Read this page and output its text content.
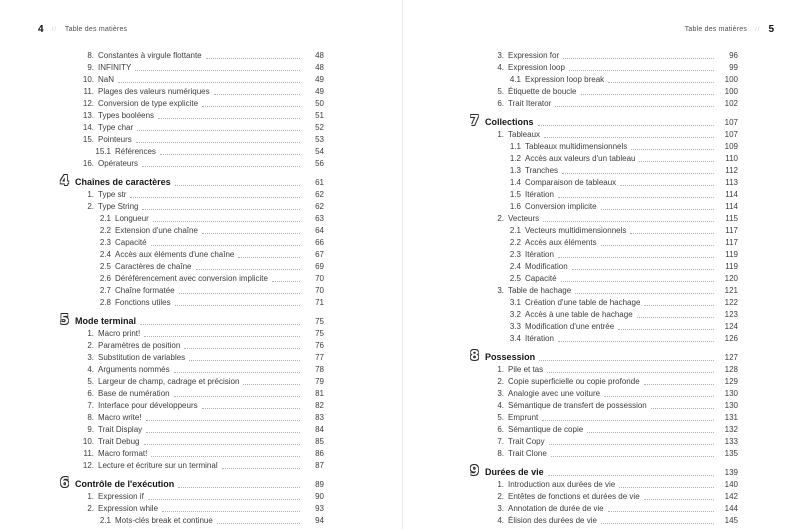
4 // Table des matières
8. Constantes à virgule flottante	48
9. INFINITY	48
10. NaN	49
11. Plages des valeurs numériques	49
12. Conversion de type explicite	50
13. Types booléens	51
14. Type char	52
15. Pointeurs	53
15.1 Références	54
16. Opérateurs	56
4 Chaînes de caractères	61
1. Type str	62
2. Type String	62
2.1 Longueur	63
2.2 Extension d'une chaîne	64
2.3 Capacité	66
2.4 Accès aux éléments d'une chaîne	67
2.5 Caractères de chaîne	69
2.6 Déréférencement avec conversion implicite	70
2.7 Chaîne formatée	70
2.8 Fonctions utiles	71
5 Mode terminal	75
1. Macro print!	75
2. Paramètres de position	76
3. Substitution de variables	77
4. Arguments nommés	78
5. Largeur de champ, cadrage et précision	79
6. Base de numération	81
7. Interface pour développeurs	82
8. Macro write!	83
9. Trait Display	84
10. Trait Debug	85
11. Macro format!	86
12. Lecture et écriture sur un terminal	87
6 Contrôle de l'exécution	89
1. Expression if	90
2. Expression while	93
2.1 Mots-clés break et continue	94
Table des matières // 5
3. Expression for	96
4. Expression loop	99
4.1 Expression loop break	100
5. Étiquette de boucle	100
6. Trait Iterator	102
7 Collections	107
1. Tableaux	107
1.1 Tableaux multidimensionnels	109
1.2 Accès aux valeurs d'un tableau	110
1.3 Tranches	112
1.4 Comparaison de tableaux	113
1.5 Itération	114
1.6 Conversion implicite	114
2. Vecteurs	115
2.1 Vecteurs multidimensionnels	117
2.2 Accès aux éléments	117
2.3 Itération	119
2.4 Modification	119
2.5 Capacité	120
3. Table de hachage	121
3.1 Création d'une table de hachage	122
3.2 Accès à une table de hachage	123
3.3 Modification d'une entrée	124
3.4 Itération	126
8 Possession	127
1. Pile et tas	128
2. Copie superficielle ou copie profonde	129
3. Analogie avec une voiture	130
4. Sémantique de transfert de possession	130
5. Emprunt	131
6. Sémantique de copie	132
7. Trait Copy	133
8. Trait Clone	135
9 Durées de vie	139
1. Introduction aux durées de vie	140
2. Entêtes de fonctions et durées de vie	142
3. Annotation de durée de vie	144
4. Élision des durées de vie	145
